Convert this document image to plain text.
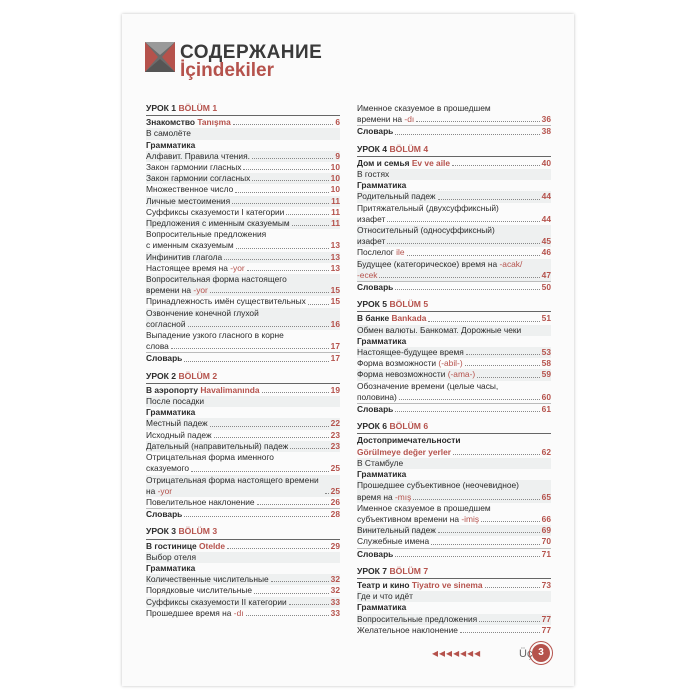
СОДЕРЖАНИЕ
İçindekiler
УРОК 1 BÖLÜM 1
Знакомство Tanışma	6
В самолёте
Грамматика
Алфавит. Правила чтения.	9
Закон гармонии гласных	10
Закон гармонии согласных	10
Множественное число	10
Личные местоимения	11
Суффиксы сказуемости I категории	11
Предложения с именным сказуемым	11
Вопросительные предложения
с именным сказуемым	13
Инфинитив глагола	13
Настоящее время на -yor	13
Вопросительная форма настоящего
времени на -yor	15
Принадлежность имён существительных	15
Озвончение конечной глухой
согласной	16
Выпадение узкого гласного в корне
слова	17
Словарь	17
УРОК 2 BÖLÜM 2
В аэропорту Havalimanında	19
После посадки
Грамматика
Местный падеж	22
Исходный падеж	23
Дательный (направительный) падеж	23
Отрицательная форма именного
сказуемого	25
Отрицательная форма настоящего времени на -yor	25
Повелительное наклонение	26
Словарь	28
УРОК 3 BÖLÜM 3
В гостинице Otelde	29
Выбор отеля
Грамматика
Количественные числительные	32
Порядковые числительные	32
Суффиксы сказуемости II категории	33
Прошедшее время на -dı	33
Именное сказуемое в прошедшем
времени на -dı	36
Словарь	38
УРОК 4 BÖLÜM 4
Дом и семья Ev ve aile	40
В гостях
Грамматика
Родительный падеж	44
Притяжательный (двухсуффиксный)
изафет	44
Относительный (односуффиксный)
изафет	45
Послелог ile	46
Будущее (категорическое) время на -acak/
-ecek	47
Словарь	50
УРОК 5 BÖLÜM 5
В банке Bankada	51
Обмен валюты. Банкомат. Дорожные чеки
Грамматика
Настоящее-будущее время	53
Форма возможности (-abil-)	58
Форма невозможности (-ama-)	59
Обозначение времени (целые часы,
половина)	60
Словарь	61
УРОК 6 BÖLÜM 6
Достопримечательности
Görülmeye değer yerler	62
В Стамбуле
Грамматика
Прошедшее субъективное (неочевидное)
время на -mış	65
Именное сказуемое в прошедшем
субъективном времени на -imiş	66
Винительный падеж	69
Служебные имена	70
Словарь	71
УРОК 7 BÖLÜM 7
Театр и кино Tiyatro ve sinema	73
Где и что идёт
Грамматика
Вопросительные предложения	77
Желательное наклонение	77
◂◂◂◂◂◂◂	Üç 3
